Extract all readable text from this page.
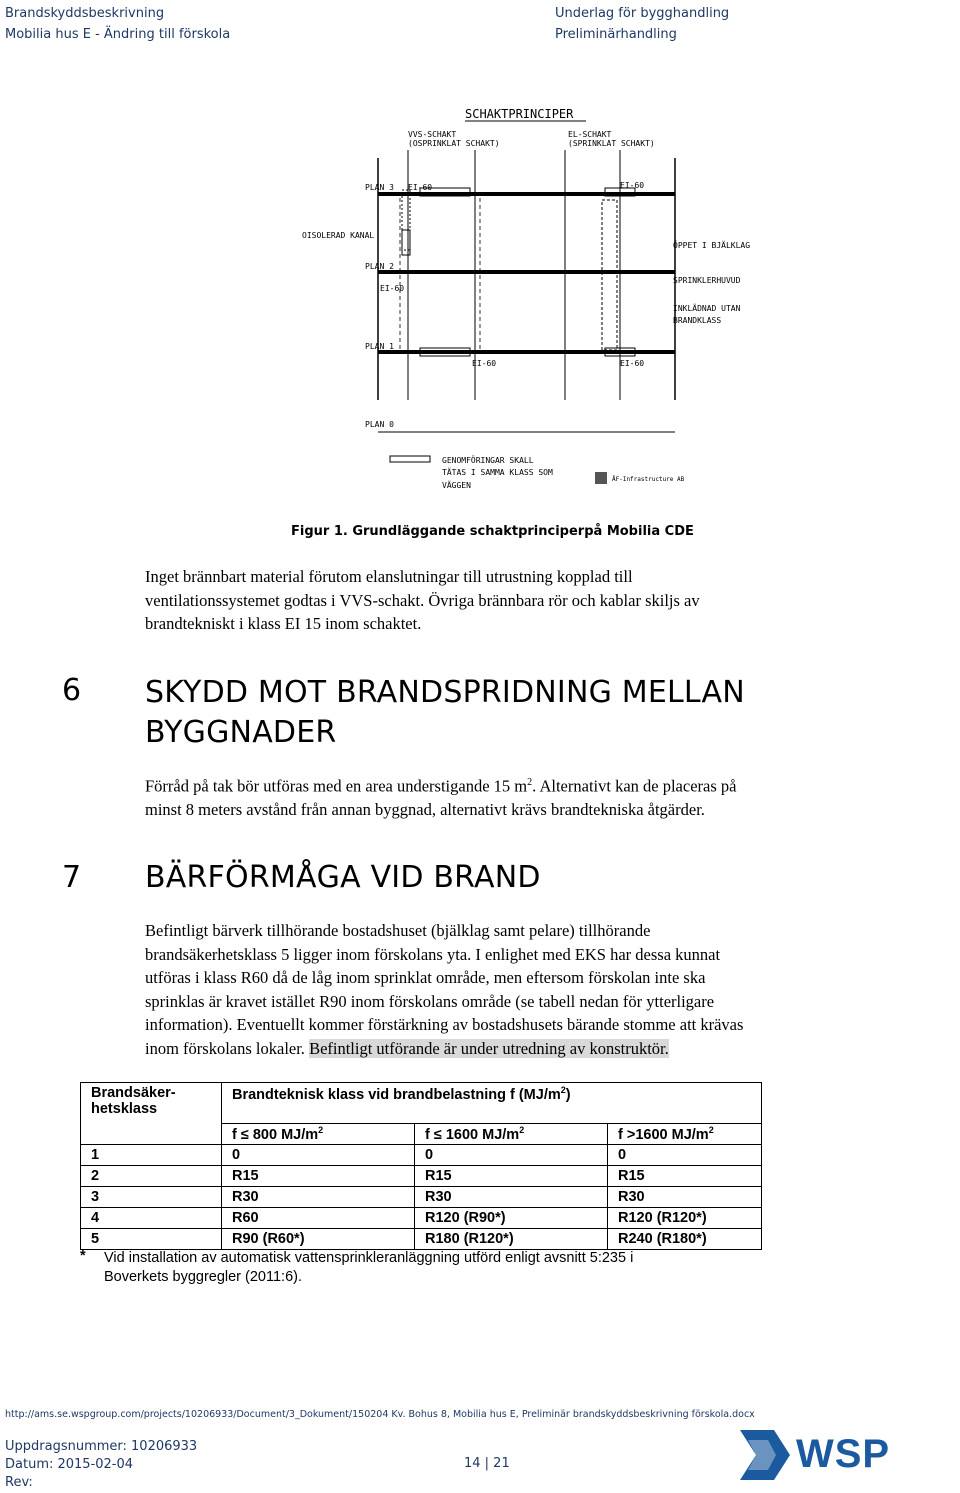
Brandskyddsbeskrivning
Mobilia hus E - Ändring till förskola
Underlag för bygghandling
Preliminärhandling
SCHAKTPRINCIPER
VVS-SCHAKT
(OSPRINKLAT SCHAKT)
EL-SCHAKT
(SPRINKLAT SCHAKT)
PLAN 3 EI-60	EI-60
OISOLERAD KANAL
PLAN 2
EI-60
ÖPPET I BJÄLKLAG
SPRINKLERHUVUD
INKLÄDNAD UTAN
BRANDKLASS
PLAN 1
EI-60	EI-60
PLAN 0
GENOMFÖRINGAR SKALL
TÄTAS I SAMMA KLASS SOM
VÄGGEN
ÅF-Infrastructure AB
Figur 1. Grundläggande schaktprinciperpå Mobilia CDE
Inget brännbart material förutom elanslutningar till utrustning kopplad till
ventilationssystemet godtas i VVS-schakt. Övriga brännbara rör och kablar skiljs av
brandtekniskt i klass EI 15 inom schaktet.
6 SKYDD MOT BRANDSPRIDNING MELLAN
BYGGNADER
Förråd på tak bör utföras med en area understigande 15 $m^2$. Alternativt kan de placeras på
minst 8 meters avstånd från annan byggnad, alternativt krävs brandtekniska åtgärder.
7 BÄRFÖRMÅGA VID BRAND
Befintligt bärverk tillhörande bostadshuset (bjälklag samt pelare) tillhörande
brandsäkerhetsklass 5 ligger inom förskolans yta. I enlighet med EKS har dessa kunnat
utföras i klass R60 då de låg inom sprinklat område, men eftersom förskolan inte ska
sprinklas är kravet istället R90 inom förskolans område (se tabell nedan för ytterligare
information). Eventuellt kommer förstärkning av bostadshusets bärande stomme att krävas
inom förskolans lokaler. Befintligt utförande är under utredning av konstruktör.
Brandsäker-
hetsklass	Brandteknisk klass vid brandbelastning f $(MJ/m^2)$		
	f ≤ 800 $MJ/m^2$	f ≤ 1600 $MJ/m^2$	f >1600 $MJ/m^2$
1	0	0	0
2	R15	R15	R15
3	R30	R30	R30
4	R60	R120 (R90*)	R120 (R120*)
5	R90 (R60*)	R180 (R120*)	R240 (R180*)
* Vid installation av automatisk vattensprinkleranläggning utförd enligt avsnitt 5:235 i
Boverkets byggregler (2011:6).
http://ams.se.wspgroup.com/projects/10206933/Document/3_Dokument/150204 Kv. Bohus 8, Mobilia hus E, Preliminär brandskyddsbeskrivning förskola.docx
Uppdragsnummer: 10206933
Datum: 2015-02-04
Rev:
14 | 21	WSP
